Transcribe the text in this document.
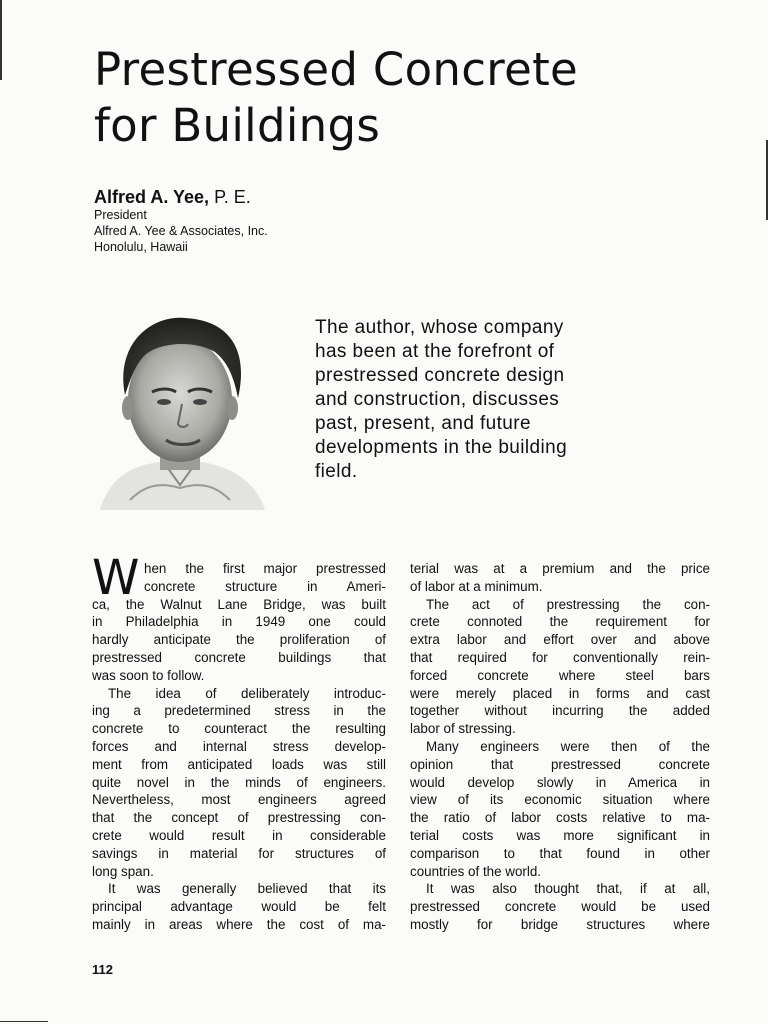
Prestressed Concrete
for Buildings
Alfred A. Yee, P. E.
President
Alfred A. Yee & Associates, Inc.
Honolulu, Hawaii
The author, whose company
has been at the forefront of
prestressed concrete design
and construction, discusses
past, present, and future
developments in the building
field.
W hen the first major prestressed
concrete structure in Ameri-
ca, the Walnut Lane Bridge, was built
in Philadelphia in 1949 one could
hardly anticipate the proliferation of
prestressed concrete buildings that
was soon to follow.
The idea of deliberately introduc-
ing a predetermined stress in the
concrete to counteract the resulting
forces and internal stress develop-
ment from anticipated loads was still
quite novel in the minds of engineers.
Nevertheless, most engineers agreed
that the concept of prestressing con-
crete would result in considerable
savings in material for structures of
long span.
It was generally believed that its
principal advantage would be felt
mainly in areas where the cost of ma-
terial was at a premium and the price
of labor at a minimum.
The act of prestressing the con-
crete connoted the requirement for
extra labor and effort over and above
that required for conventionally rein-
forced concrete where steel bars
were merely placed in forms and cast
together without incurring the added
labor of stressing.
Many engineers were then of the
opinion that prestressed concrete
would develop slowly in America in
view of its economic situation where
the ratio of labor costs relative to ma-
terial costs was more significant in
comparison to that found in other
countries of the world.
It was also thought that, if at all,
prestressed concrete would be used
mostly for bridge structures where
112
